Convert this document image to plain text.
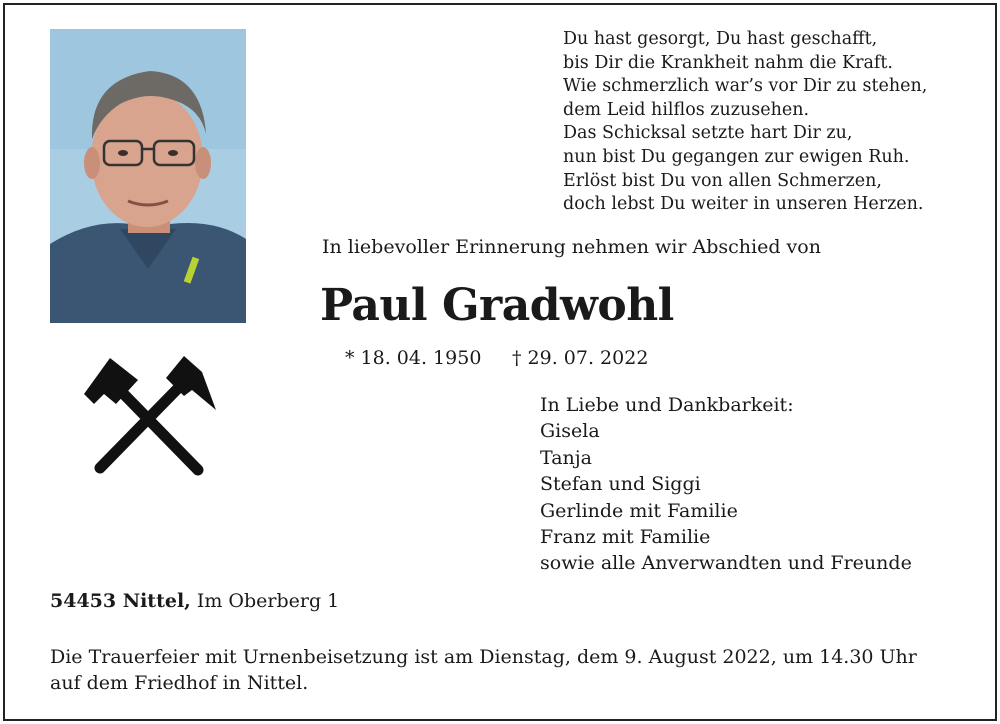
Du hast gesorgt, Du hast geschafft,
bis Dir die Krankheit nahm die Kraft.
Wie schmerzlich war’s vor Dir zu stehen,
dem Leid hilflos zuzusehen.
Das Schicksal setzte hart Dir zu,
nun bist Du gegangen zur ewigen Ruh.
Erlöst bist Du von allen Schmerzen,
doch lebst Du weiter in unseren Herzen.
In liebevoller Erinnerung nehmen wir Abschied von
Paul Gradwohl
* 18. 04. 1950 † 29. 07. 2022
In Liebe und Dankbarkeit:
Gisela
Tanja
Stefan und Siggi
Gerlinde mit Familie
Franz mit Familie
sowie alle Anverwandten und Freunde
54453 Nittel, Im Oberberg 1
Die Trauerfeier mit Urnenbeisetzung ist am Dienstag, dem 9. August 2022, um 14.30 Uhr
auf dem Friedhof in Nittel.
